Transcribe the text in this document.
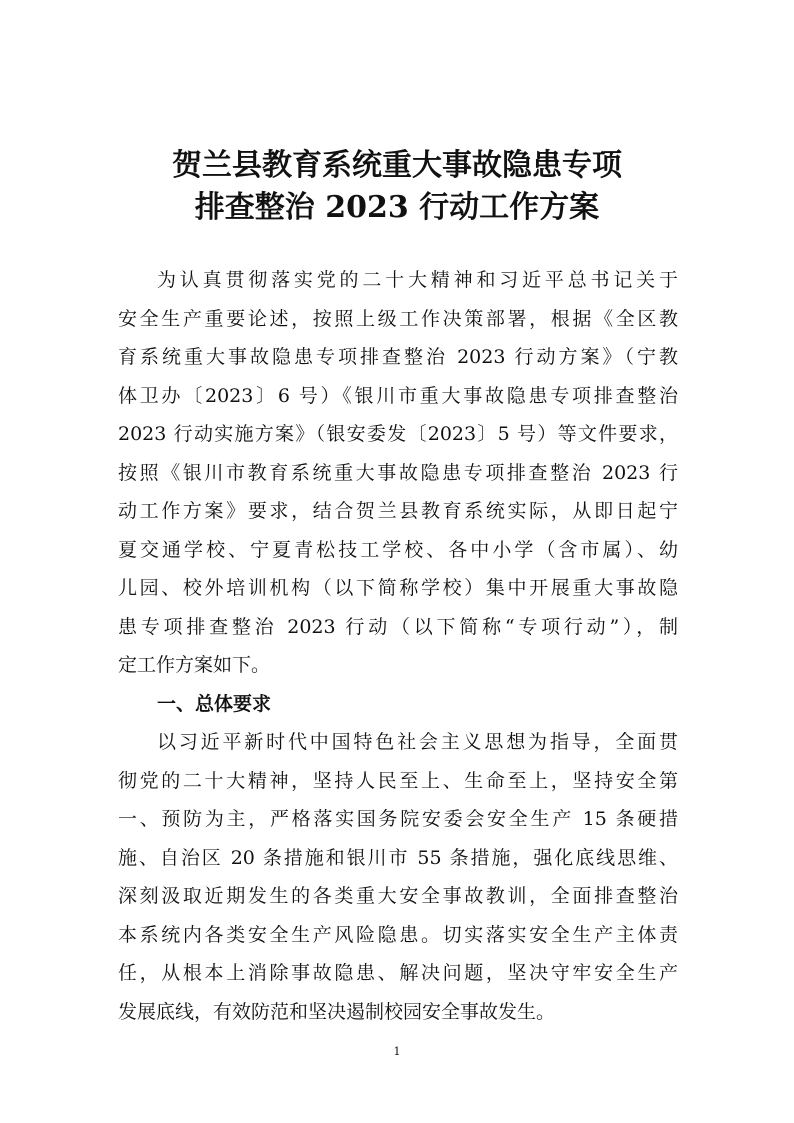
贺兰县教育系统重大事故隐患专项
排查整治 2023 行动工作方案
为认真贯彻落实党的二十大精神和习近平总书记关于
安全生产重要论述，按照上级工作决策部署，根据《全区教
育系统重大事故隐患专项排查整治 2023 行动方案》（宁教
体卫办〔2023〕6 号）《银川市重大事故隐患专项排查整治
2023 行动实施方案》（银安委发〔2023〕5 号）等文件要求，
按照《银川市教育系统重大事故隐患专项排查整治 2023 行
动工作方案》要求，结合贺兰县教育系统实际，从即日起宁
夏交通学校、宁夏青松技工学校、各中小学（含市属）、幼
儿园、校外培训机构（以下简称学校）集中开展重大事故隐
患专项排查整治 2023 行动（以下简称“专项行动”），制
定工作方案如下。
一、总体要求
以习近平新时代中国特色社会主义思想为指导，全面贯
彻党的二十大精神，坚持人民至上、生命至上，坚持安全第
一、预防为主，严格落实国务院安委会安全生产 15 条硬措
施、自治区 20 条措施和银川市 55 条措施，强化底线思维、
深刻汲取近期发生的各类重大安全事故教训，全面排查整治
本系统内各类安全生产风险隐患。切实落实安全生产主体责
任，从根本上消除事故隐患、解决问题，坚决守牢安全生产
发展底线，有效防范和坚决遏制校园安全事故发生。
1
